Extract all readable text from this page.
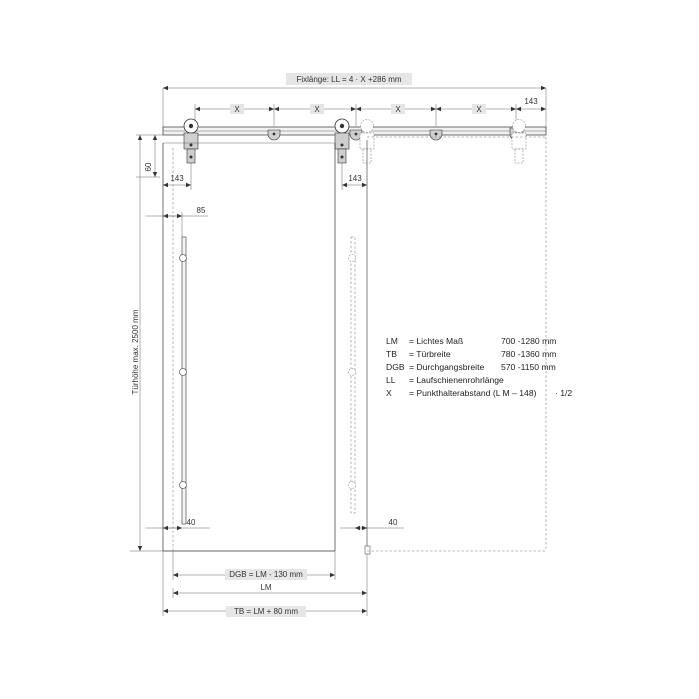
Fixlänge: LL = 4 · X +286 mm
X	X	X	X
143
60
143	143
85
Türhöhe max. 2500 mm
40	40
DGB = LM - 130 mm
LM
TB = LM + 80 mm
LM = Lichtes Maß	700 -1280 mm
TB = Türbreite	780 -1360 mm
DGB = Durchgangsbreite 570 -1150 mm
LL = Laufschienenrohrlänge
X = Punkthalterabstand (L M – 148) · 1/2
